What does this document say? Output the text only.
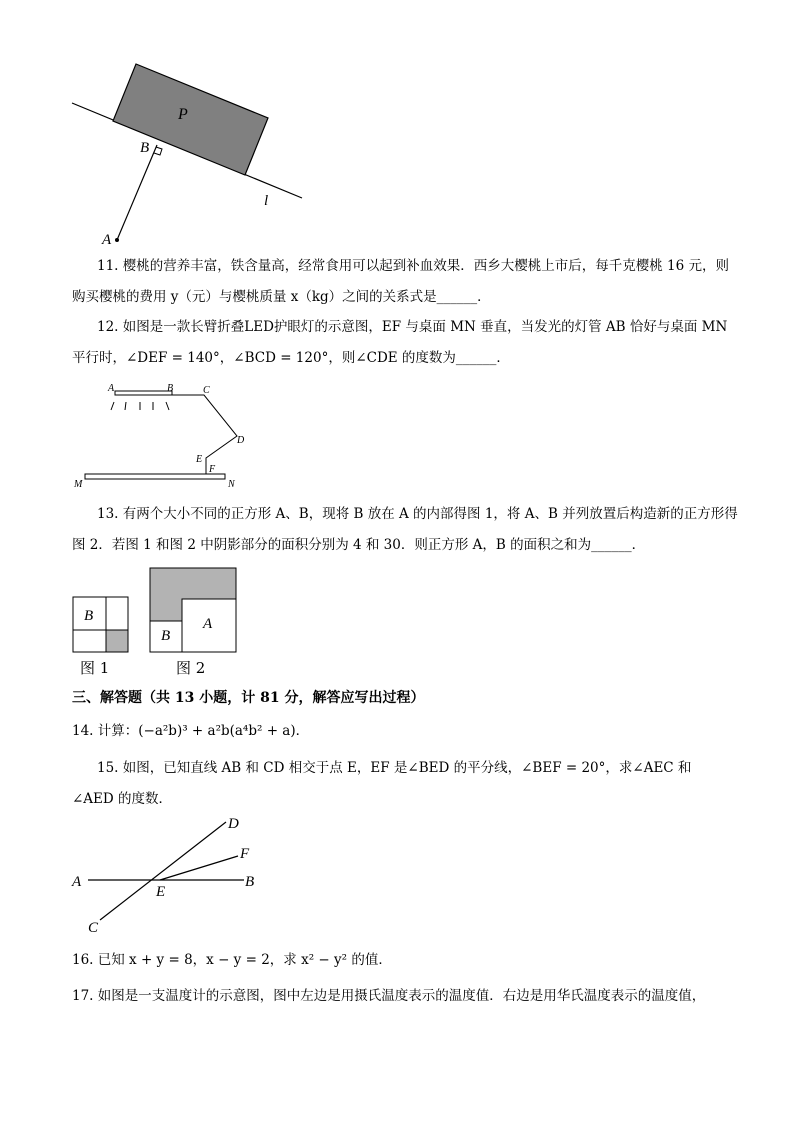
P
B
A
l
11. 樱桃的营养丰富，铁含量高，经常食用可以起到补血效果．西乡大樱桃上市后，每千克樱桃 16 元，则
购买樱桃的费用 y（元）与樱桃质量 x（kg）之间的关系式是______．
12. 如图是一款长臂折叠LED护眼灯的示意图，EF 与桌面 MN 垂直，当发光的灯管 AB 恰好与桌面 MN
平行时，∠DEF = 140°，∠BCD = 120°，则∠CDE 的度数为______．
A	B	C
D
E
F
M	N
13. 有两个大小不同的正方形 A、B，现将 B 放在 A 的内部得图 1，将 A、B 并列放置后构造新的正方形得
图 2．若图 1 和图 2 中阴影部分的面积分别为 4 和 30．则正方形 A，B 的面积之和为______．
B	A
B
图 1	图 2
三、解答题（共 13 小题，计 81 分，解答应写出过程）
14. 计算：(−a²b)³ + a²b(a⁴b² + a)．
15. 如图，已知直线 AB 和 CD 相交于点 E，EF 是∠BED 的平分线，∠BEF = 20°，求∠AEC 和
∠AED 的度数．
A	B
C
D
E
F
16. 已知 x + y = 8，x − y = 2，求 x² − y² 的值．
17. 如图是一支温度计的示意图，图中左边是用摄氏温度表示的温度值．右边是用华氏温度表示的温度值，
